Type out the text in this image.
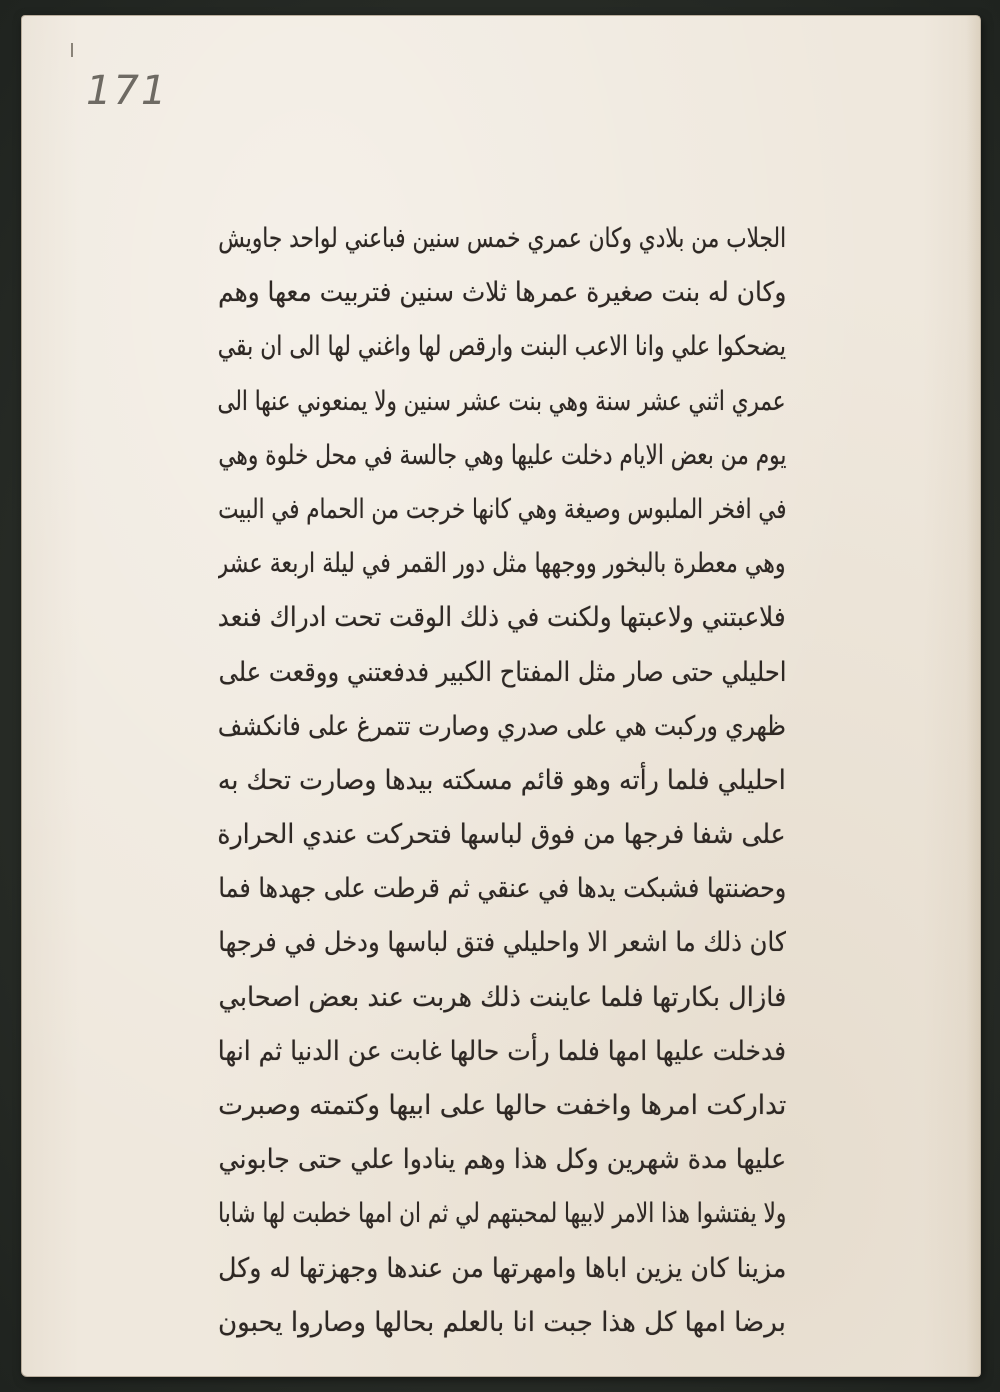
171
الجلاب من بلادي وكان عمري خمس سنين فباعني لواحد جاويش
وكان له بنت صغيرة عمرها ثلاث سنين فتربيت معها وهم
يضحكوا علي وانا الاعب البنت وارقص لها واغني لها الى ان بقي
عمري اثني عشر سنة وهي بنت عشر سنين ولا يمنعوني عنها الى
يوم من بعض الايام دخلت عليها وهي جالسة في محل خلوة وهي
في افخر الملبوس وصيغة وهي كانها خرجت من الحمام في البيت
وهي معطرة بالبخور ووجهها مثل دور القمر في ليلة اربعة عشر
فلاعبتني ولاعبتها ولكنت في ذلك الوقت تحت ادراك فنعد
احليلي حتى صار مثل المفتاح الكبير فدفعتني ووقعت على
ظهري وركبت هي على صدري وصارت تتمرغ على فانكشف
احليلي فلما رأته وهو قائم مسكته بيدها وصارت تحك به
على شفا فرجها من فوق لباسها فتحركت عندي الحرارة
وحضنتها فشبكت يدها في عنقي ثم قرطت على جهدها فما
كان ذلك ما اشعر الا واحليلي فتق لباسها ودخل في فرجها
فازال بكارتها فلما عاينت ذلك هربت عند بعض اصحابي
فدخلت عليها امها فلما رأت حالها غابت عن الدنيا ثم انها
تداركت امرها واخفت حالها على ابيها وكتمته وصبرت
عليها مدة شهرين وكل هذا وهم ينادوا علي حتى جابوني
ولا يفتشوا هذا الامر لابيها لمحبتهم لي ثم ان امها خطبت لها شابا
مزينا كان يزين اباها وامهرتها من عندها وجهزتها له وكل
برضا امها كل هذا جبت انا بالعلم بحالها وصاروا يحبون
